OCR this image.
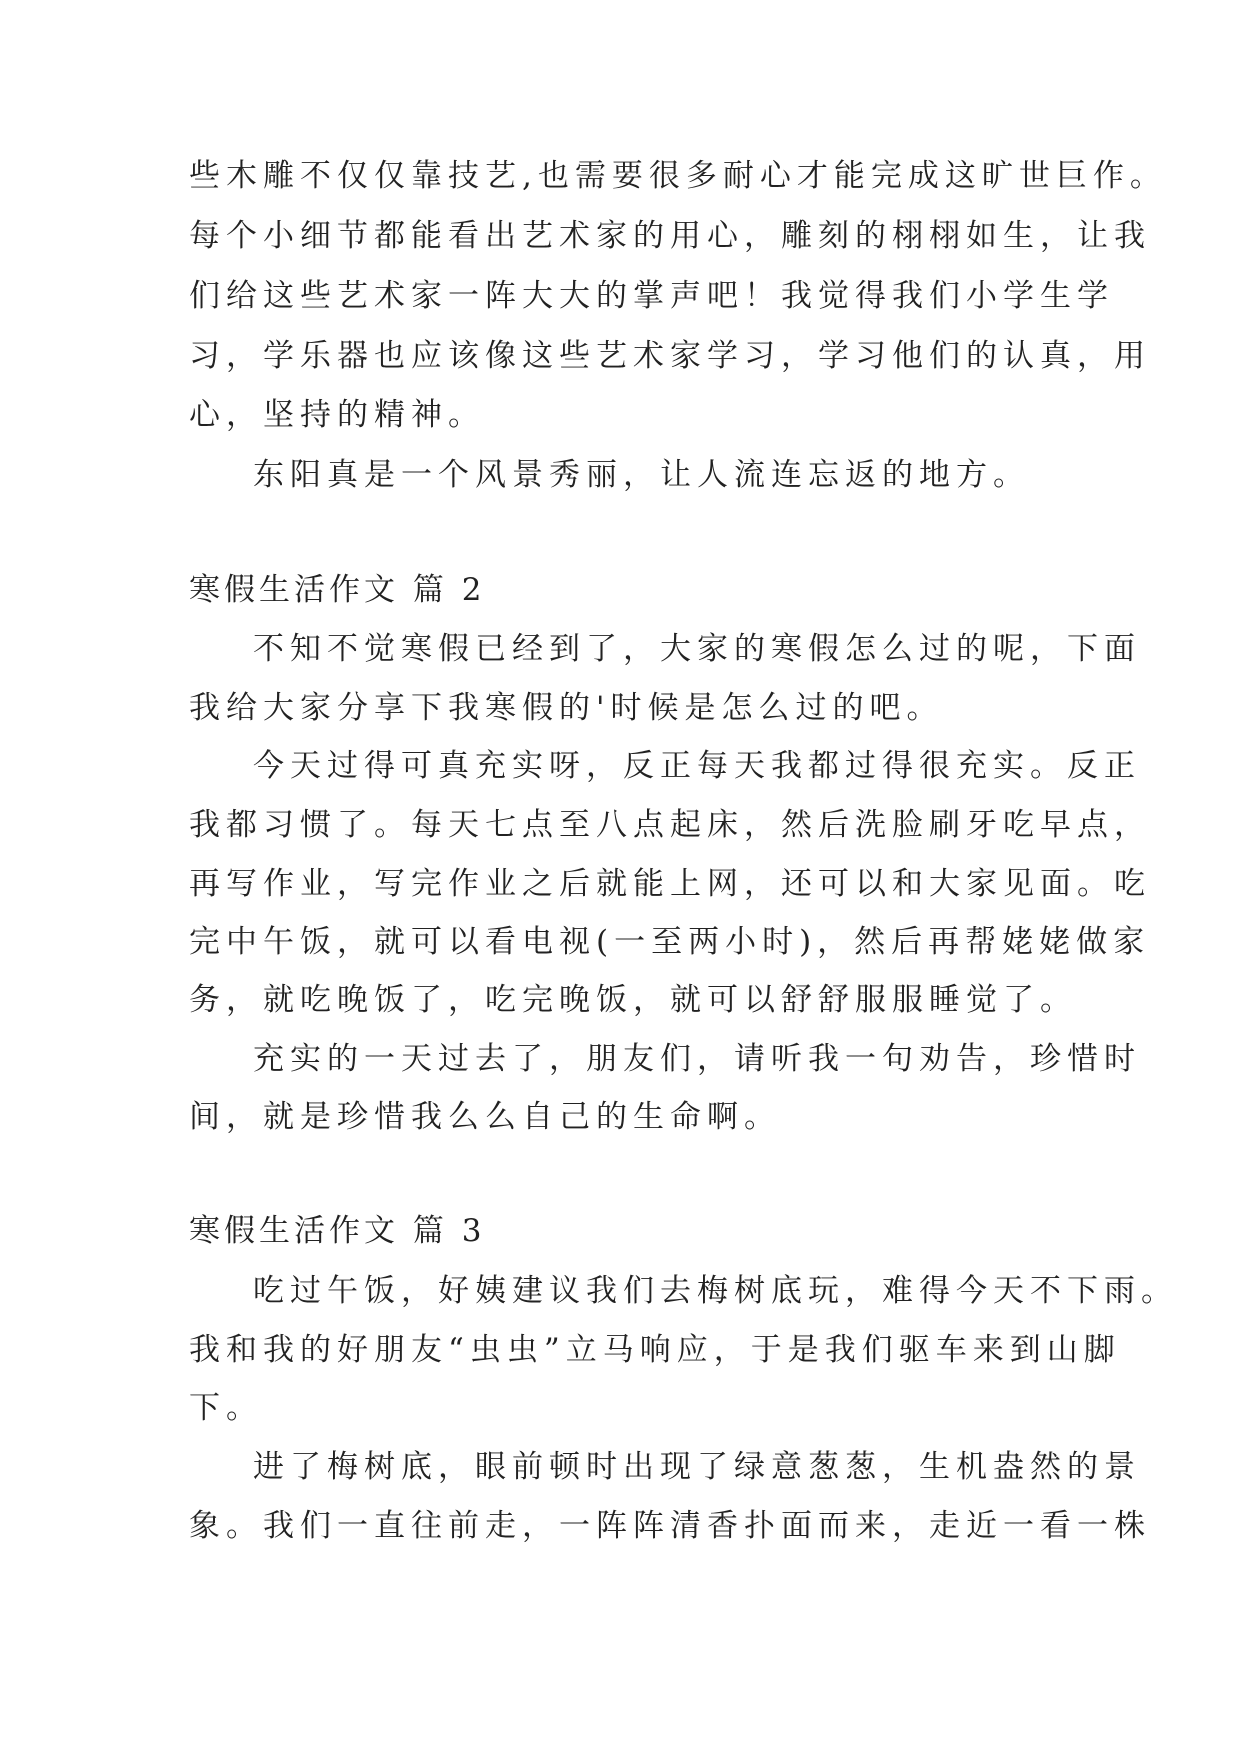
些木雕不仅仅靠技艺,也需要很多耐心才能完成这旷世巨作。
每个小细节都能看出艺术家的用心，雕刻的栩栩如生，让我
们给这些艺术家一阵大大的掌声吧！我觉得我们小学生学
习，学乐器也应该像这些艺术家学习，学习他们的认真，用
心，坚持的精神。
东阳真是一个风景秀丽，让人流连忘返的地方。
寒假生活作文 篇 2
不知不觉寒假已经到了，大家的寒假怎么过的呢，下面
我给大家分享下我寒假的'时候是怎么过的吧。
今天过得可真充实呀，反正每天我都过得很充实。反正
我都习惯了。每天七点至八点起床，然后洗脸刷牙吃早点，
再写作业，写完作业之后就能上网，还可以和大家见面。吃
完中午饭，就可以看电视(一至两小时)，然后再帮姥姥做家
务，就吃晚饭了，吃完晚饭，就可以舒舒服服睡觉了。
充实的一天过去了，朋友们，请听我一句劝告，珍惜时
间，就是珍惜我么么自己的生命啊。
寒假生活作文 篇 3
吃过午饭，好姨建议我们去梅树底玩，难得今天不下雨。
我和我的好朋友“虫虫”立马响应，于是我们驱车来到山脚
下。
进了梅树底，眼前顿时出现了绿意葱葱，生机盎然的景
象。我们一直往前走，一阵阵清香扑面而来，走近一看一株
